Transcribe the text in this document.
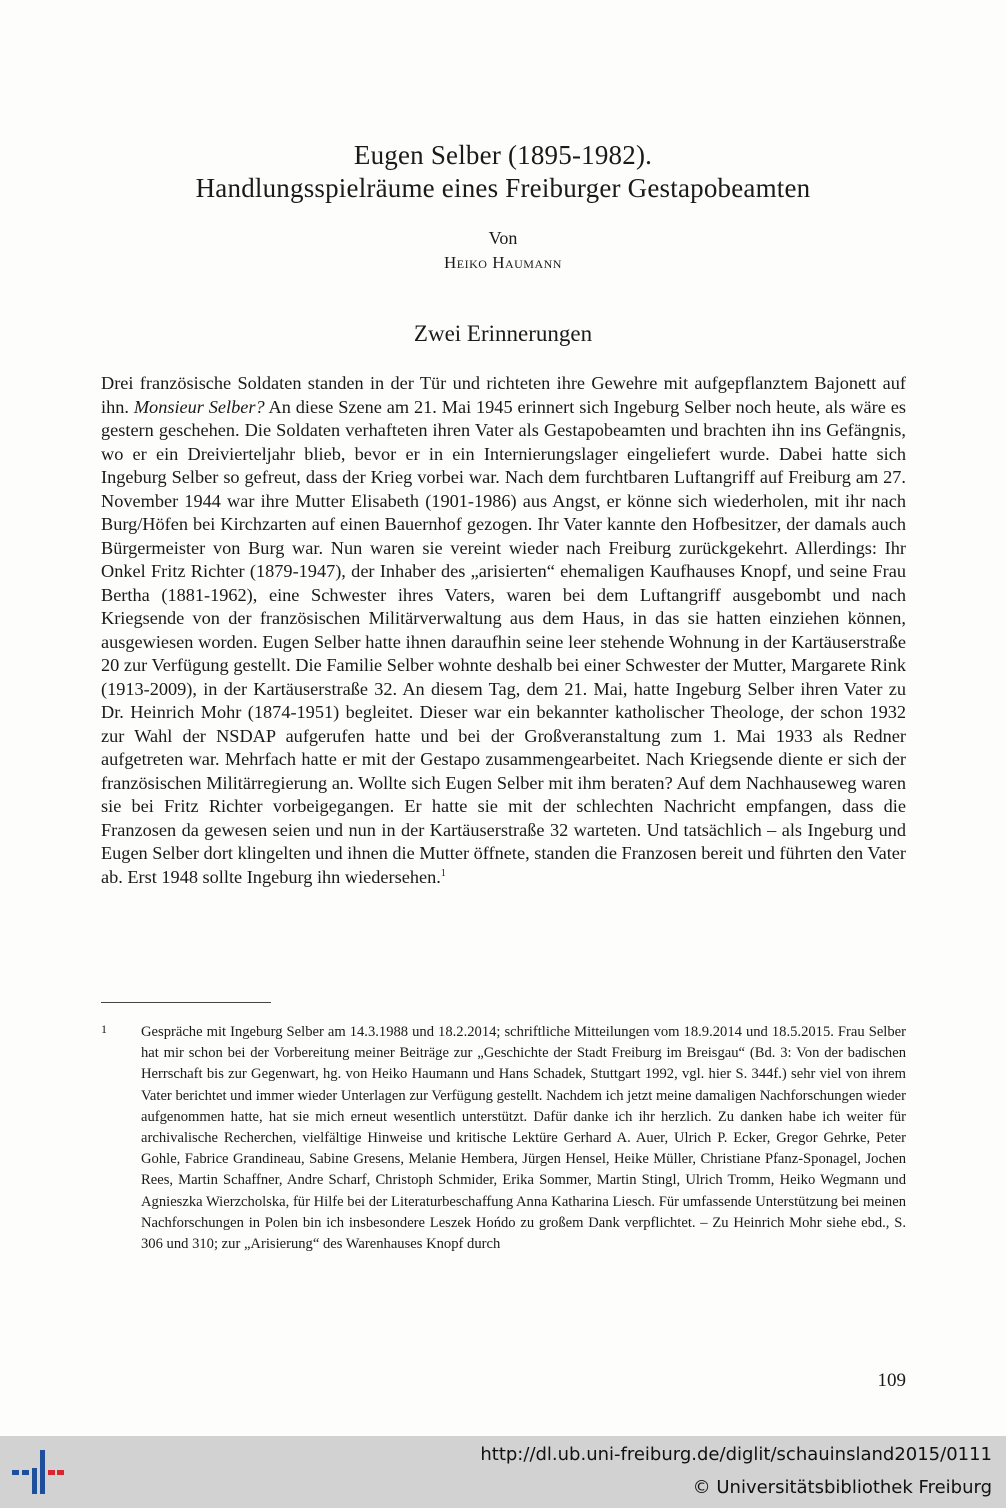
Eugen Selber (1895-1982).
Handlungsspielräume eines Freiburger Gestapobeamten
Von
Heiko Haumann
Zwei Erinnerungen

Drei französische Soldaten standen in der Tür und richteten ihre Gewehre mit aufgepflanztem Bajonett auf ihn. Monsieur Selber? An diese Szene am 21. Mai 1945 erinnert sich Ingeburg Selber noch heute, als wäre es gestern geschehen. Die Soldaten verhafteten ihren Vater als Gestapobeamten und brachten ihn ins Gefängnis, wo er ein Dreivierteljahr blieb, bevor er in ein Internierungslager eingeliefert wurde. Dabei hatte sich Ingeburg Selber so gefreut, dass der Krieg vorbei war. Nach dem furchtbaren Luftangriff auf Freiburg am 27. November 1944 war ihre Mutter Elisabeth (1901-1986) aus Angst, er könne sich wiederholen, mit ihr nach Burg/Höfen bei Kirchzarten auf einen Bauernhof gezogen. Ihr Vater kannte den Hofbesitzer, der damals auch Bürgermeister von Burg war. Nun waren sie vereint wieder nach Freiburg zurückgekehrt. Allerdings: Ihr Onkel Fritz Richter (1879-1947), der Inhaber des „arisierten“ ehemaligen Kaufhauses Knopf, und seine Frau Bertha (1881-1962), eine Schwester ihres Vaters, waren bei dem Luftangriff ausgebombt und nach Kriegsende von der französischen Militärverwaltung aus dem Haus, in das sie hatten einziehen können, ausgewiesen worden. Eugen Selber hatte ihnen daraufhin seine leer stehende Wohnung in der Kartäuserstraße 20 zur Verfügung gestellt. Die Familie Selber wohnte deshalb bei einer Schwester der Mutter, Margarete Rink (1913-2009), in der Kartäuserstraße 32. An diesem Tag, dem 21. Mai, hatte Ingeburg Selber ihren Vater zu Dr. Heinrich Mohr (1874-1951) begleitet. Dieser war ein bekannter katholischer Theologe, der schon 1932 zur Wahl der NSDAP aufgerufen hatte und bei der Großveranstaltung zum 1. Mai 1933 als Redner aufgetreten war. Mehrfach hatte er mit der Gestapo zusammengearbeitet. Nach Kriegsende diente er sich der französischen Militärregierung an. Wollte sich Eugen Selber mit ihm beraten? Auf dem Nachhauseweg waren sie bei Fritz Richter vorbeigegangen. Er hatte sie mit der schlechten Nachricht empfangen, dass die Franzosen da gewesen seien und nun in der Kartäuserstraße 32 warteten. Und tatsächlich – als Ingeburg und Eugen Selber dort klingelten und ihnen die Mutter öffnete, standen die Franzosen bereit und führten den Vater ab. Erst 1948 sollte Ingeburg ihn wiedersehen.$^1$

1 Gespräche mit Ingeburg Selber am 14.3.1988 und 18.2.2014; schriftliche Mitteilungen vom 18.9.2014 und 18.5.2015. Frau Selber hat mir schon bei der Vorbereitung meiner Beiträge zur „Geschichte der Stadt Freiburg im Breisgau“ (Bd. 3: Von der badischen Herrschaft bis zur Gegenwart, hg. von Heiko Haumann und Hans Schadek, Stuttgart 1992, vgl. hier S. 344f.) sehr viel von ihrem Vater berichtet und immer wieder Unterlagen zur Verfügung gestellt. Nachdem ich jetzt meine damaligen Nachforschungen wieder aufgenommen hatte, hat sie mich erneut wesentlich unterstützt. Dafür danke ich ihr herzlich. Zu danken habe ich weiter für archivalische Recherchen, vielfältige Hinweise und kritische Lektüre Gerhard A. Auer, Ulrich P. Ecker, Gregor Gehrke, Peter Gohle, Fabrice Grandineau, Sabine Gresens, Melanie Hembera, Jürgen Hensel, Heike Müller, Christiane Pfanz-Sponagel, Jochen Rees, Martin Schaffner, Andre Scharf, Christoph Schmider, Erika Sommer, Martin Stingl, Ulrich Tromm, Heiko Wegmann und Agnieszka Wierzcholska, für Hilfe bei der Literaturbeschaffung Anna Katharina Liesch. Für umfassende Unterstützung bei meinen Nachforschungen in Polen bin ich insbesondere Leszek Hońdo zu großem Dank verpflichtet. – Zu Heinrich Mohr siehe ebd., S. 306 und 310; zur „Arisierung“ des Warenhauses Knopf durch
109
http://dl.ub.uni-freiburg.de/diglit/schauinsland2015/0111
© Universitätsbibliothek Freiburg
